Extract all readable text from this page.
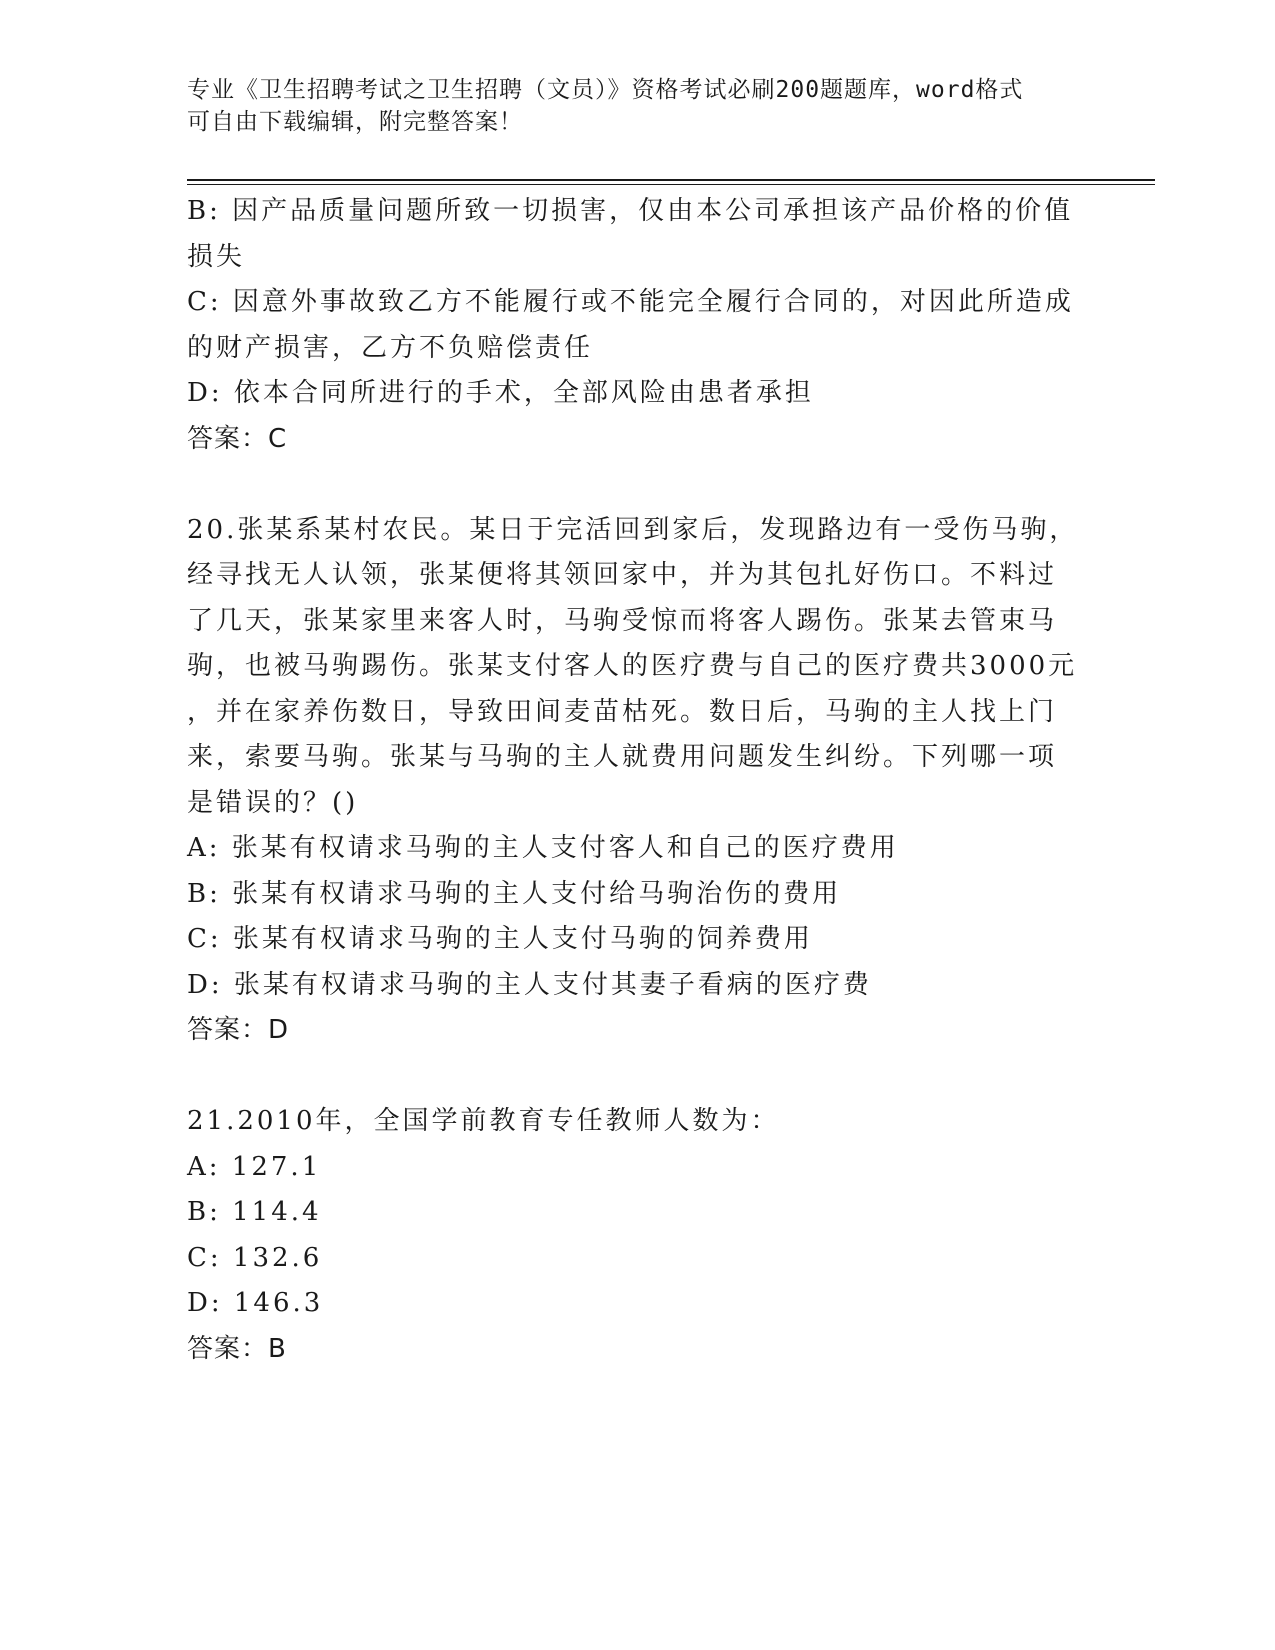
专业《卫生招聘考试之卫生招聘（文员）》资格考试必刷200题题库，word格式
可自由下载编辑，附完整答案！
B: 因产品质量问题所致一切损害，仅由本公司承担该产品价格的价值
损失
C: 因意外事故致乙方不能履行或不能完全履行合同的，对因此所造成
的财产损害，乙方不负赔偿责任
D: 依本合同所进行的手术，全部风险由患者承担
答案：C
20.张某系某村农民。某日于完活回到家后，发现路边有一受伤马驹，
经寻找无人认领，张某便将其领回家中，并为其包扎好伤口。不料过
了几天，张某家里来客人时，马驹受惊而将客人踢伤。张某去管束马
驹，也被马驹踢伤。张某支付客人的医疗费与自己的医疗费共3000元
，并在家养伤数日，导致田间麦苗枯死。数日后，马驹的主人找上门
来，索要马驹。张某与马驹的主人就费用问题发生纠纷。下列哪一项
是错误的？()
A: 张某有权请求马驹的主人支付客人和自己的医疗费用
B: 张某有权请求马驹的主人支付给马驹治伤的费用
C: 张某有权请求马驹的主人支付马驹的饲养费用
D: 张某有权请求马驹的主人支付其妻子看病的医疗费
答案：D
21.2010年，全国学前教育专任教师人数为：
A: 127.1
B: 114.4
C: 132.6
D: 146.3
答案：B
